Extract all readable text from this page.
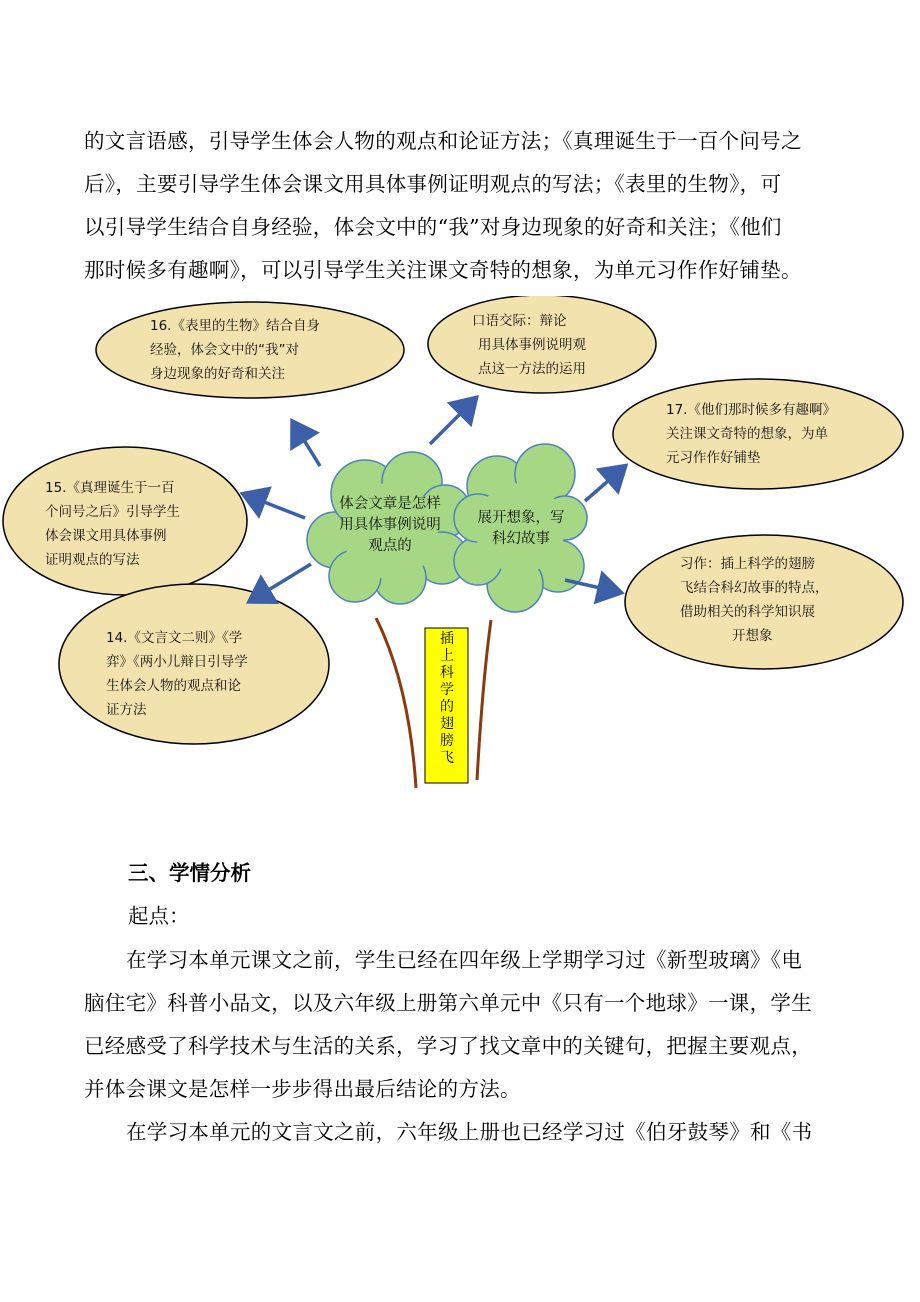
的文言语感，引导学生体会人物的观点和论证方法；《真理诞生于一百个问号之
后》，主要引导学生体会课文用具体事例证明观点的写法；《表里的生物》，可
以引导学生结合自身经验，体会文中的“我”对身边现象的好奇和关注；《他们
那时候多有趣啊》，可以引导学生关注课文奇特的想象，为单元习作作好铺垫。
16.《表里的生物》结合自身
经验，体会文中的“我”对
身边现象的好奇和关注
口语交际：辩论
用具体事例说明观
点这一方法的运用
17.《他们那时候多有趣啊》
关注课文奇特的想象，为单
元习作作好铺垫
15.《真理诞生于一百
个问号之后》引导学生
体会课文用具体事例
证明观点的写法	习作：插上科学的翅膀
飞结合科幻故事的特点，
借助相关的科学知识展
开想象
14.《文言文二则》《学
弈》《两小儿辩日引导学
生体会人物的观点和论
证方法
体会文章是怎样
用具体事例说明
观点的
展开想象，写
科幻故事
插
上
科
学
的
翅
膀
飞
三、学情分析
起点：
在学习本单元课文之前，学生已经在四年级上学期学习过《新型玻璃》《电
脑住宅》科普小品文，以及六年级上册第六单元中《只有一个地球》一课，学生
已经感受了科学技术与生活的关系，学习了找文章中的关键句，把握主要观点，
并体会课文是怎样一步步得出最后结论的方法。
在学习本单元的文言文之前，六年级上册也已经学习过《伯牙鼓琴》和《书
